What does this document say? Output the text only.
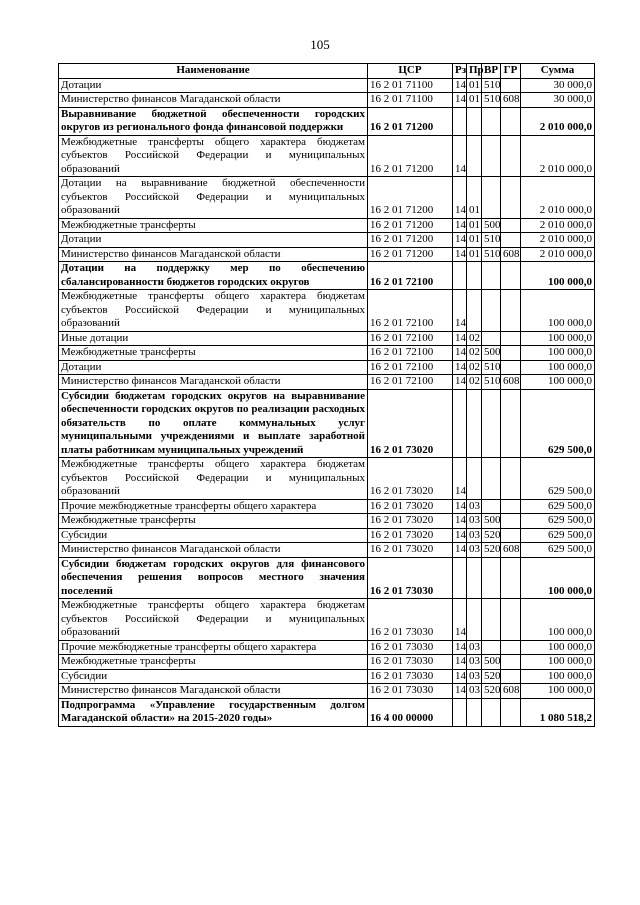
105
Наименование	ЦСР	Рз	Пр	ВР	ГР	Сумма
Дотации	16 2 01 71100	14	01	510		30 000,0
Министерство финансов Магаданской области	16 2 01 71100	14	01	510	608	30 000,0
Выравнивание бюджетной обеспеченности городских округов из регионального фонда финансовой поддержки	16 2 01 71200					2 010 000,0
Межбюджетные трансферты общего характера бюджетам субъектов Российской Федерации и муниципальных образований	16 2 01 71200	14				2 010 000,0
Дотации на выравнивание бюджетной обеспеченности субъектов Российской Федерации и муниципальных образований	16 2 01 71200	14	01			2 010 000,0
Межбюджетные трансферты	16 2 01 71200	14	01	500		2 010 000,0
Дотации	16 2 01 71200	14	01	510		2 010 000,0
Министерство финансов Магаданской области	16 2 01 71200	14	01	510	608	2 010 000,0
Дотации на поддержку мер по обеспечению сбалансированности бюджетов городских округов	16 2 01 72100					100 000,0
Межбюджетные трансферты общего характера бюджетам субъектов Российской Федерации и муниципальных образований	16 2 01 72100	14				100 000,0
Иные дотации	16 2 01 72100	14	02			100 000,0
Межбюджетные трансферты	16 2 01 72100	14	02	500		100 000,0
Дотации	16 2 01 72100	14	02	510		100 000,0
Министерство финансов Магаданской области	16 2 01 72100	14	02	510	608	100 000,0
Субсидии бюджетам городских округов на выравнивание обеспеченности городских округов по реализации расходных обязательств по оплате коммунальных услуг муниципальными учреждениями и выплате заработной платы работникам муниципальных учреждений	16 2 01 73020					629 500,0
Межбюджетные трансферты общего характера бюджетам субъектов Российской Федерации и муниципальных образований	16 2 01 73020	14				629 500,0
Прочие межбюджетные трансферты общего характера	16 2 01 73020	14	03			629 500,0
Межбюджетные трансферты	16 2 01 73020	14	03	500		629 500,0
Субсидии	16 2 01 73020	14	03	520		629 500,0
Министерство финансов Магаданской области	16 2 01 73020	14	03	520	608	629 500,0
Субсидии бюджетам городских округов для финансового обеспечения решения вопросов местного значения поселений	16 2 01 73030					100 000,0
Межбюджетные трансферты общего характера бюджетам субъектов Российской Федерации и муниципальных образований	16 2 01 73030	14				100 000,0
Прочие межбюджетные трансферты общего характера	16 2 01 73030	14	03			100 000,0
Межбюджетные трансферты	16 2 01 73030	14	03	500		100 000,0
Субсидии	16 2 01 73030	14	03	520		100 000,0
Министерство финансов Магаданской области	16 2 01 73030	14	03	520	608	100 000,0
Подпрограмма «Управление государственным долгом Магаданской области» на 2015-2020 годы»	16 4 00 00000					1 080 518,2
